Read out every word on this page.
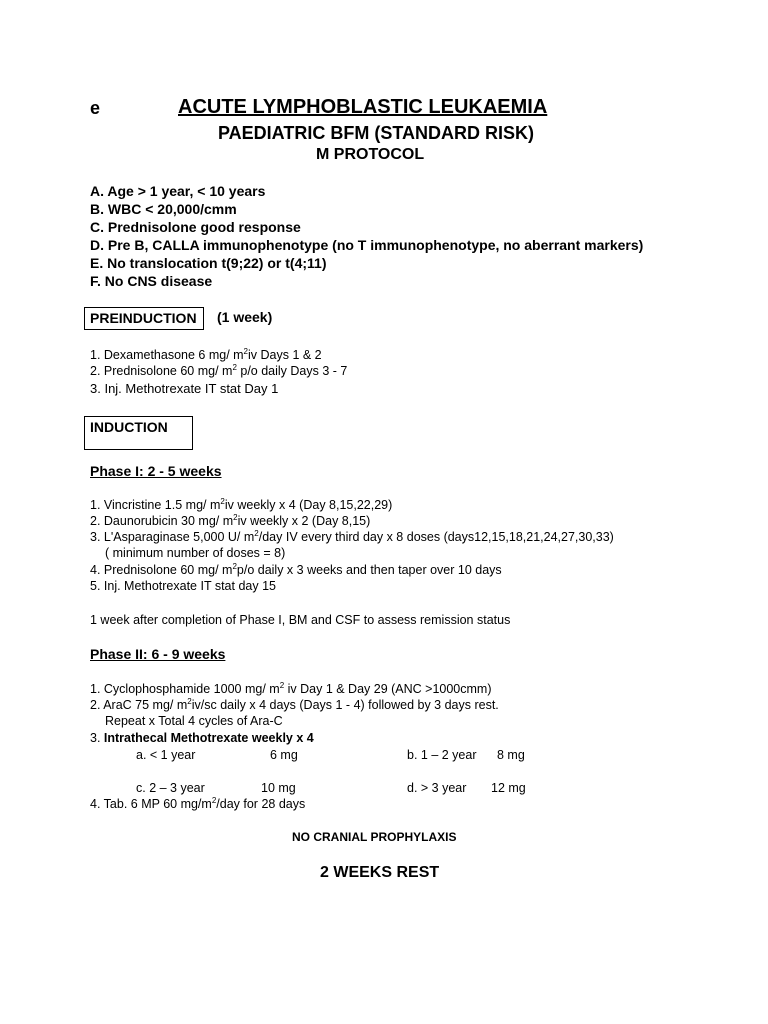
e	ACUTE LYMPHOBLASTIC LEUKAEMIA
PAEDIATRIC BFM (STANDARD RISK)
M PROTOCOL
A. Age > 1 year, < 10 years
B. WBC < 20,000/cmm
C. Prednisolone good response
D. Pre B, CALLA immunophenotype (no T immunophenotype, no aberrant markers)
E. No translocation t(9;22) or t(4;11)
F. No CNS disease
PREINDUCTION	(1 week)
1. Dexamethasone 6 mg/ $m^2iv$ Days 1 & 2
2. Prednisolone 60 mg/ $m^2$ p/o daily Days 3 - 7
3. Inj. Methotrexate IT stat Day 1
INDUCTION
Phase I: 2 - 5 weeks
1. Vincristine 1.5 mg/ $m^2iv$ weekly x 4 (Day 8,15,22,29)
2. Daunorubicin 30 mg/ $m^2iv$ weekly x 2 (Day 8,15)
3. L'Asparaginase 5,000 U/ $m^2$/day IV every third day x 8 doses (days12,15,18,21,24,27,30,33)
( minimum number of doses = 8)
4. Prednisolone 60 mg/ $m^2p/o$ daily x 3 weeks and then taper over 10 days
5. Inj. Methotrexate IT stat day 15
1 week after completion of Phase I, BM and CSF to assess remission status
Phase II: 6 - 9 weeks
1. Cyclophosphamide 1000 mg/ $m^2$ iv Day 1 & Day 29 (ANC >1000cmm)
2. AraC 75 mg/ $m^2iv/sc$ daily x 4 days (Days 1 - 4) followed by 3 days rest.
Repeat x Total 4 cycles of Ara-C
3. Intrathecal Methotrexate weekly x 4
a. < 1 year	6 mg	b. 1 – 2 year 8 mg
c. 2 – 3 year	10 mg	d. > 3 year 12 mg
4. Tab. 6 MP 60 $mg/m^2$/day for 28 days
NO CRANIAL PROPHYLAXIS
2 WEEKS REST
